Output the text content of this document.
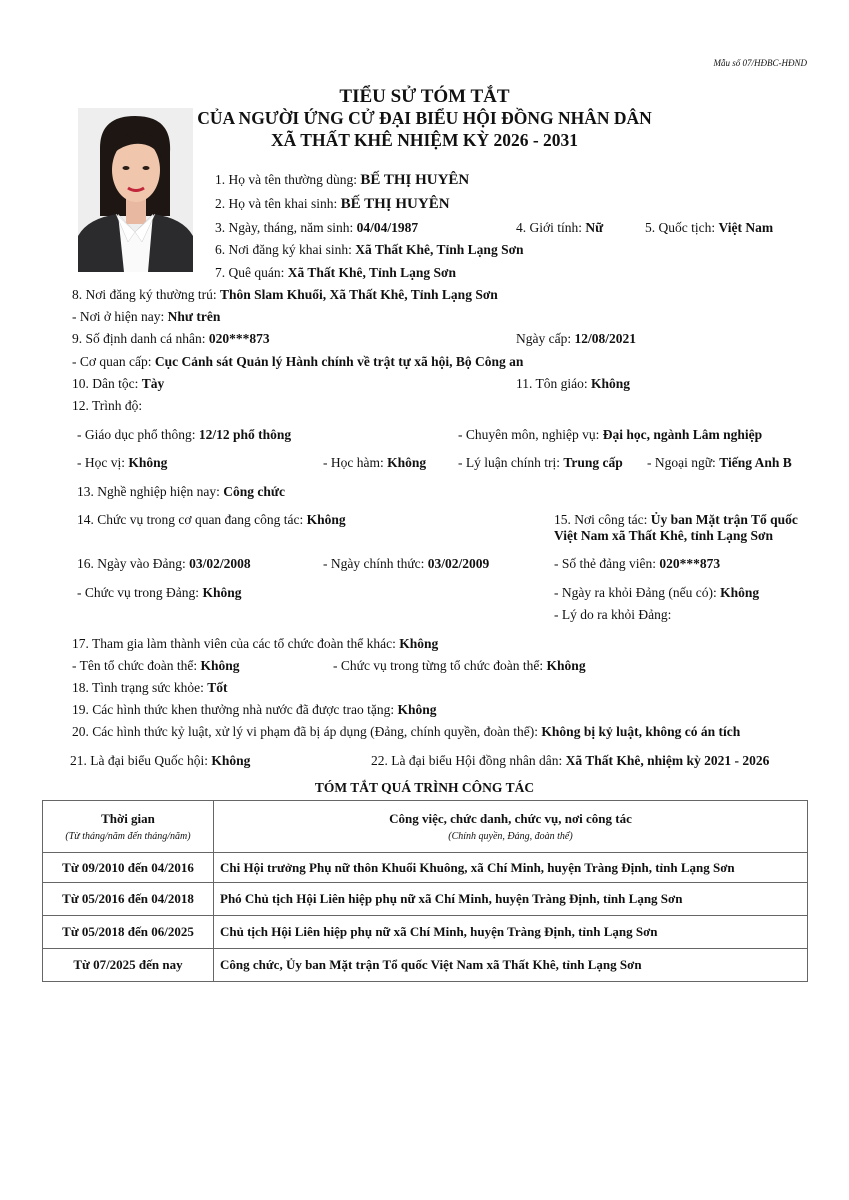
Mẫu số 07/HĐBC-HĐND
TIỂU SỬ TÓM TẮT
CỦA NGƯỜI ỨNG CỬ ĐẠI BIỂU HỘI ĐỒNG NHÂN DÂN
XÃ THẤT KHÊ NHIỆM KỲ 2026 - 2031
1. Họ và tên thường dùng: BẾ THỊ HUYÊN
2. Họ và tên khai sinh: BẾ THỊ HUYÊN
3. Ngày, tháng, năm sinh: 04/04/1987	4. Giới tính: Nữ	5. Quốc tịch: Việt Nam
6. Nơi đăng ký khai sinh: Xã Thất Khê, Tỉnh Lạng Sơn
7. Quê quán: Xã Thất Khê, Tỉnh Lạng Sơn
8. Nơi đăng ký thường trú: Thôn Slam Khuổi, Xã Thất Khê, Tỉnh Lạng Sơn
- Nơi ở hiện nay: Như trên
9. Số định danh cá nhân: 020***873	Ngày cấp: 12/08/2021
- Cơ quan cấp: Cục Cảnh sát Quản lý Hành chính về trật tự xã hội, Bộ Công an
10. Dân tộc: Tày	11. Tôn giáo: Không
12. Trình độ:
- Giáo dục phổ thông: 12/12 phổ thông	- Chuyên môn, nghiệp vụ: Đại học, ngành Lâm nghiệp
- Học vị: Không	- Học hàm: Không - Lý luận chính trị: Trung cấp - Ngoại ngữ: Tiếng Anh B
13. Nghề nghiệp hiện nay: Công chức
14. Chức vụ trong cơ quan đang công tác: Không	15. Nơi công tác: Ủy ban Mặt trận Tổ quốc
Việt Nam xã Thất Khê, tỉnh Lạng Sơn
16. Ngày vào Đảng: 03/02/2008	- Ngày chính thức: 03/02/2009	- Số thẻ đảng viên: 020***873
- Chức vụ trong Đảng: Không	- Ngày ra khỏi Đảng (nếu có): Không
- Lý do ra khỏi Đảng:
17. Tham gia làm thành viên của các tổ chức đoàn thể khác: Không
- Tên tổ chức đoàn thể: Không	- Chức vụ trong từng tổ chức đoàn thể: Không
18. Tình trạng sức khỏe: Tốt
19. Các hình thức khen thưởng nhà nước đã được trao tặng: Không
20. Các hình thức kỷ luật, xử lý vi phạm đã bị áp dụng (Đảng, chính quyền, đoàn thể): Không bị kỷ luật, không có án tích
21. Là đại biểu Quốc hội: Không	22. Là đại biểu Hội đồng nhân dân: Xã Thất Khê, nhiệm kỳ 2021 - 2026
TÓM TẮT QUÁ TRÌNH CÔNG TÁC
Thời gian
(Từ tháng/năm đến tháng/năm)	Công việc, chức danh, chức vụ, nơi công tác
(Chính quyền, Đảng, đoàn thể)

Từ 09/2010 đến 04/2016	Chi Hội trưởng Phụ nữ thôn Khuổi Khuông, xã Chí Minh, huyện Tràng Định, tỉnh Lạng Sơn
Từ 05/2016 đến 04/2018	Phó Chủ tịch Hội Liên hiệp phụ nữ xã Chí Minh, huyện Tràng Định, tỉnh Lạng Sơn
Từ 05/2018 đến 06/2025	Chủ tịch Hội Liên hiệp phụ nữ xã Chí Minh, huyện Tràng Định, tỉnh Lạng Sơn
Từ 07/2025 đến nay	Công chức, Ủy ban Mặt trận Tổ quốc Việt Nam xã Thất Khê, tỉnh Lạng Sơn
